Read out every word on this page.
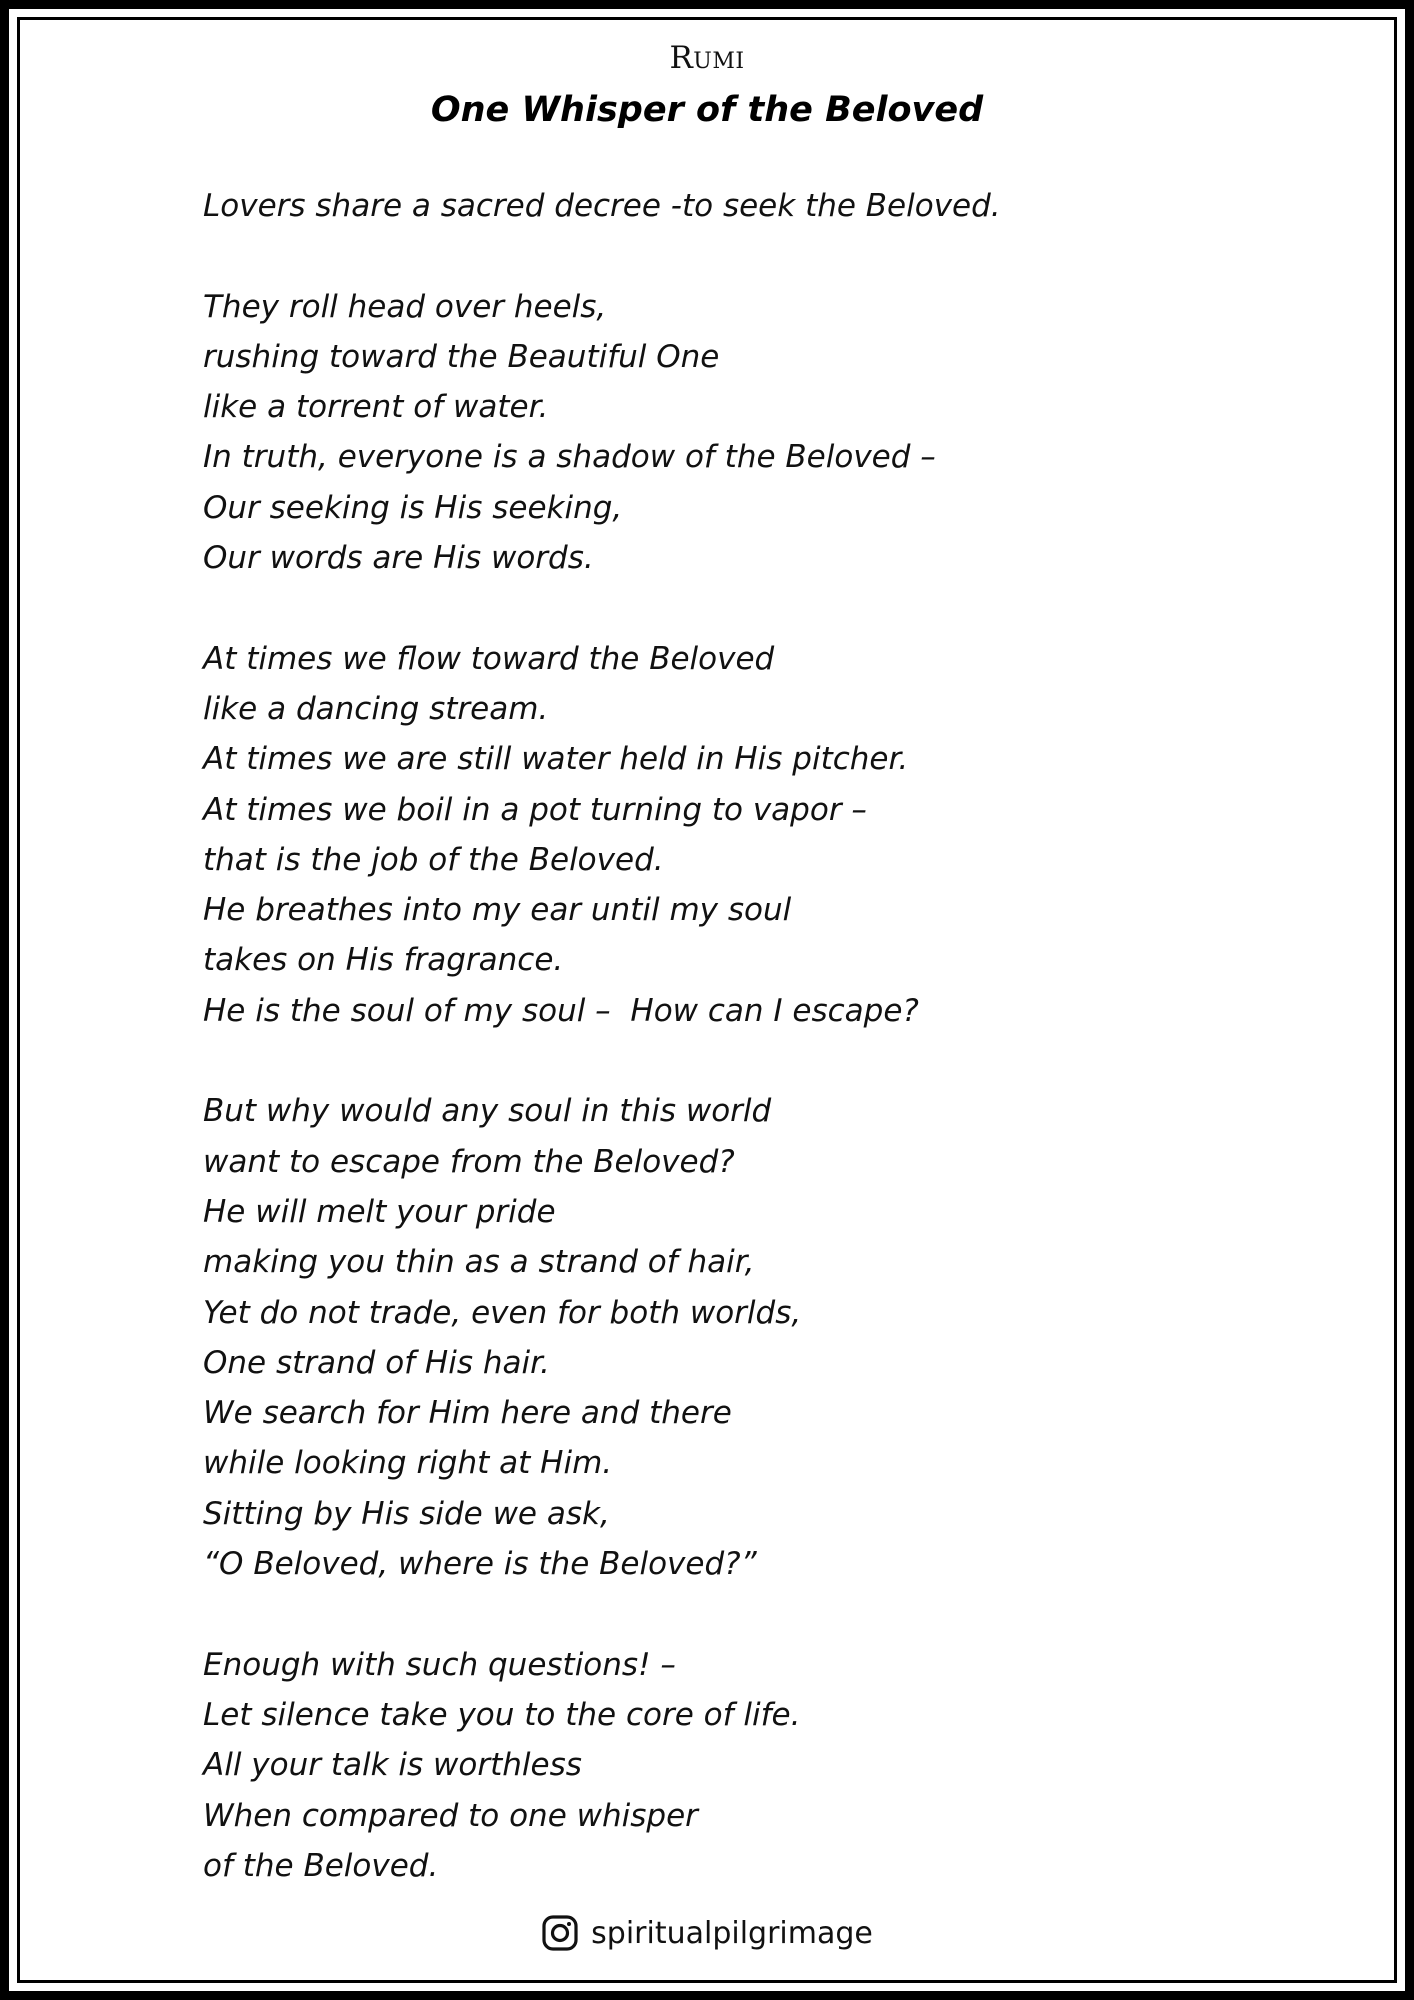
Rumi
One Whisper of the Beloved
Lovers share a sacred decree -to seek the Beloved.
They roll head over heels,
rushing toward the Beautiful One
like a torrent of water.
In truth, everyone is a shadow of the Beloved –
Our seeking is His seeking,
Our words are His words.
At times we flow toward the Beloved
like a dancing stream.
At times we are still water held in His pitcher.
At times we boil in a pot turning to vapor –
that is the job of the Beloved.
He breathes into my ear until my soul
takes on His fragrance.
He is the soul of my soul –  How can I escape?
But why would any soul in this world
want to escape from the Beloved?
He will melt your pride
making you thin as a strand of hair,
Yet do not trade, even for both worlds,
One strand of His hair.
We search for Him here and there
while looking right at Him.
Sitting by His side we ask,
“O Beloved, where is the Beloved?”
Enough with such questions! –
Let silence take you to the core of life.
All your talk is worthless
When compared to one whisper
of the Beloved.
spiritualpilgrimage
